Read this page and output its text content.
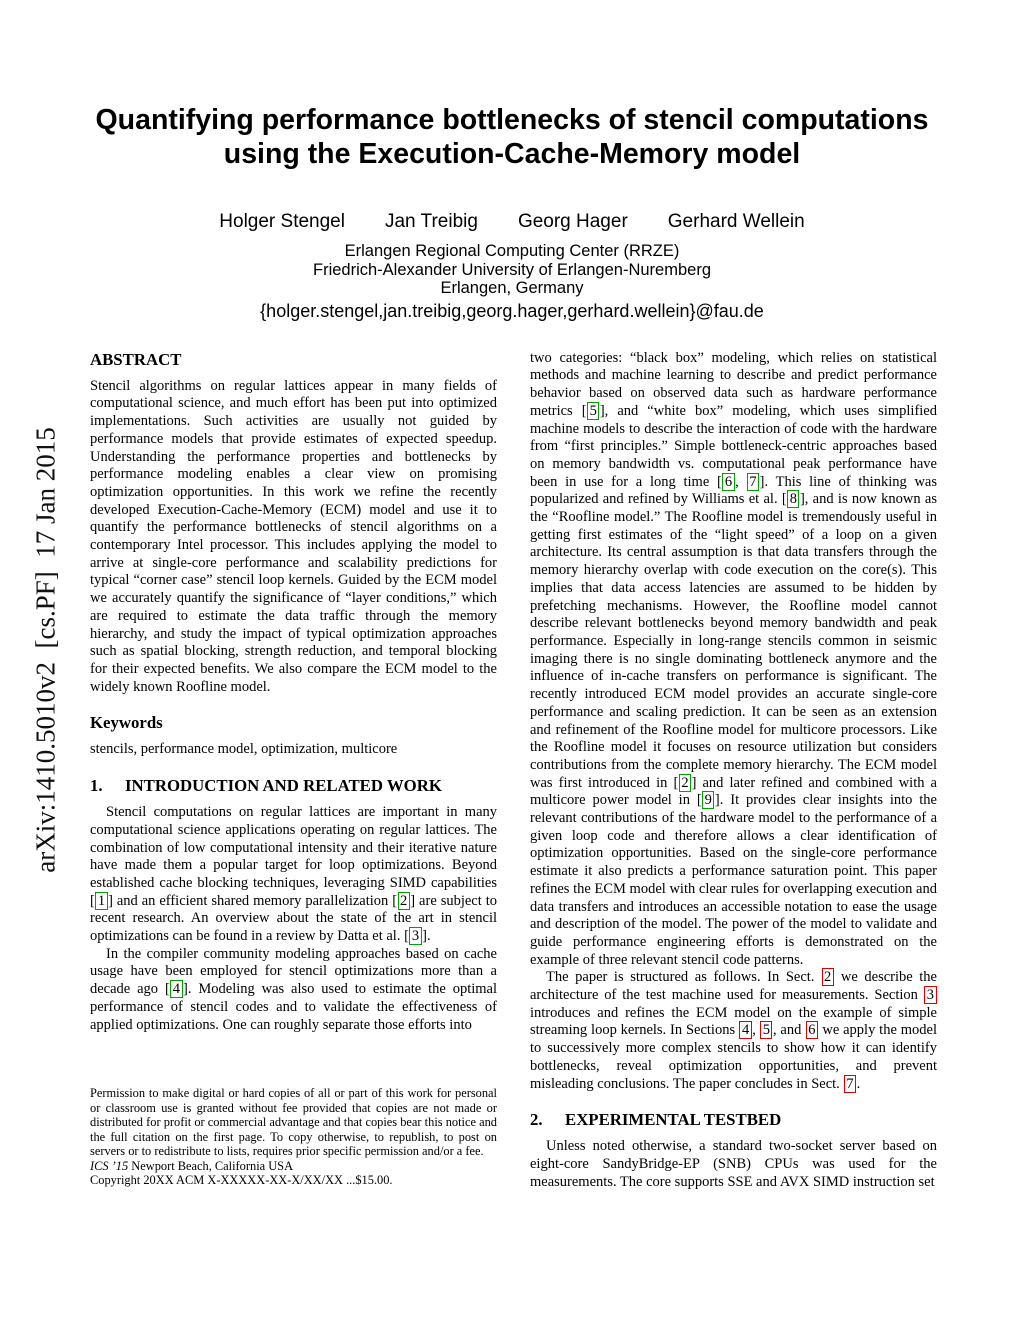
arXiv:1410.5010v2  [cs.PF]  17 Jan 2015
Quantifying performance bottlenecks of stencil computations using the Execution-Cache-Memory model
Holger Stengel Jan Treibig Georg Hager Gerhard Wellein
Erlangen Regional Computing Center (RRZE)
Friedrich-Alexander University of Erlangen-Nuremberg
Erlangen, Germany
{holger.stengel,jan.treibig,georg.hager,gerhard.wellein}@fau.de
ABSTRACT

Stencil algorithms on regular lattices appear in many fields of computational science, and much effort has been put into optimized implementations. Such activities are usually not guided by performance models that provide estimates of expected speedup. Understanding the performance properties and bottlenecks by performance modeling enables a clear view on promising optimization opportunities. In this work we refine the recently developed Execution-Cache-Memory (ECM) model and use it to quantify the performance bottlenecks of stencil algorithms on a contemporary Intel processor. This includes applying the model to arrive at single-core performance and scalability predictions for typical “corner case” stencil loop kernels. Guided by the ECM model we accurately quantify the significance of “layer conditions,” which are required to estimate the data traffic through the memory hierarchy, and study the impact of typical optimization approaches such as spatial blocking, strength reduction, and temporal blocking for their expected benefits. We also compare the ECM model to the widely known Roofline model.

Keywords

stencils, performance model, optimization, multicore

1. INTRODUCTION AND RELATED WORK

Stencil computations on regular lattices are important in many computational science applications operating on regular lattices. The combination of low computational intensity and their iterative nature have made them a popular target for loop optimizations. Beyond established cache blocking techniques, leveraging SIMD capabilities [ 1 ] and an efficient shared memory parallelization [ 2 ] are subject to recent research. An overview about the state of the art in stencil optimizations can be found in a review by Datta et al. [ 3 ].

In the compiler community modeling approaches based on cache usage have been employed for stencil optimizations more than a decade ago [ 4 ]. Modeling was also used to estimate the optimal performance of stencil codes and to validate the effectiveness of applied optimizations. One can roughly separate those efforts into

two categories: “black box” modeling, which relies on statistical methods and machine learning to describe and predict performance behavior based on observed data such as hardware performance metrics [ 5 ], and “white box” modeling, which uses simplified machine models to describe the interaction of code with the hardware from “first principles.” Simple bottleneck-centric approaches based on memory bandwidth vs. computational peak performance have been in use for a long time [ 6 , 7 ]. This line of thinking was popularized and refined by Williams et al. [ 8 ], and is now known as the “Roofline model.” The Roofline model is tremendously useful in getting first estimates of the “light speed” of a loop on a given architecture. Its central assumption is that data transfers through the memory hierarchy overlap with code execution on the core(s). This implies that data access latencies are assumed to be hidden by prefetching mechanisms. However, the Roofline model cannot describe relevant bottlenecks beyond memory bandwidth and peak performance. Especially in long-range stencils common in seismic imaging there is no single dominating bottleneck anymore and the influence of in-cache transfers on performance is significant. The recently introduced ECM model provides an accurate single-core performance and scaling prediction. It can be seen as an extension and refinement of the Roofline model for multicore processors. Like the Roofline model it focuses on resource utilization but considers contributions from the complete memory hierarchy. The ECM model was first introduced in [ 2 ] and later refined and combined with a multicore power model in [ 9 ]. It provides clear insights into the relevant contributions of the hardware model to the performance of a given loop code and therefore allows a clear identification of optimization opportunities. Based on the single-core performance estimate it also predicts a performance saturation point. This paper refines the ECM model with clear rules for overlapping execution and data transfers and introduces an accessible notation to ease the usage and description of the model. The power of the model to validate and guide performance engineering efforts is demonstrated on the example of three relevant stencil code patterns.

The paper is structured as follows. In Sect. 2 we describe the architecture of the test machine used for measurements. Section 3 introduces and refines the ECM model on the example of simple streaming loop kernels. In Sections 4 , 5 , and 6 we apply the model to successively more complex stencils to show how it can identify bottlenecks, reveal optimization opportunities, and prevent misleading conclusions. The paper concludes in Sect. 7 .

2. EXPERIMENTAL TESTBED

Unless noted otherwise, a standard two-socket server based on eight-core SandyBridge-EP (SNB) CPUs was used for the measurements. The core supports SSE and AVX SIMD instruction set

Permission to make digital or hard copies of all or part of this work for personal or classroom use is granted without fee provided that copies are not made or distributed for profit or commercial advantage and that copies bear this notice and the full citation on the first page. To copy otherwise, to republish, to post on servers or to redistribute to lists, requires prior specific permission and/or a fee.

ICS ’15 Newport Beach, California USA

Copyright 20XX ACM X-XXXXX-XX-X/XX/XX ...$15.00.
